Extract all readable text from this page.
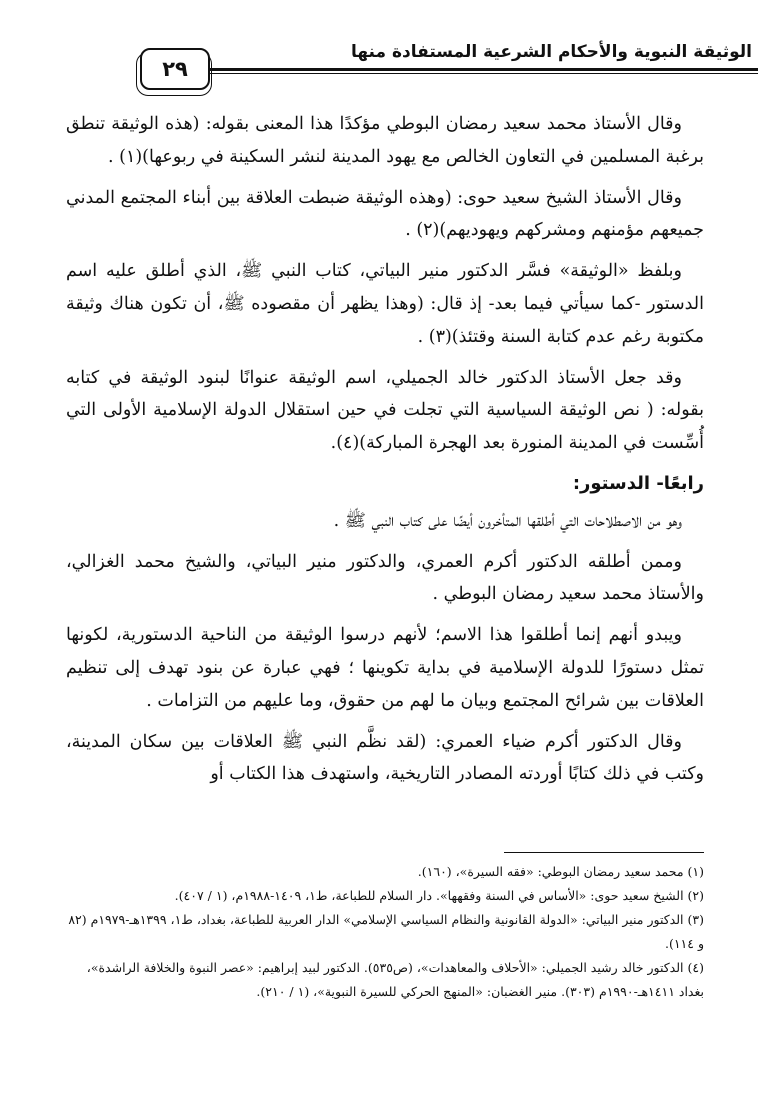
الوثيقة النبوية والأحكام الشرعية المستفادة منها
٢٩

وقال الأستاذ محمد سعيد رمضان البوطي مؤكدًا هذا المعنى بقوله: (هذه الوثيقة تنطق برغبة المسلمين في التعاون الخالص مع يهود المدينة لنشر السكينة في ربوعها)(١) .

وقال الأستاذ الشيخ سعيد حوى: (وهذه الوثيقة ضبطت العلاقة بين أبناء المجتمع المدني جميعهم مؤمنهم ومشركهم ويهوديهم)(٢) .

وبلفظ «الوثيقة» فسَّر الدكتور منير البياتي، كتاب النبي ﷺ، الذي أطلق عليه اسم الدستور -كما سيأتي فيما بعد- إذ قال: (وهذا يظهر أن مقصوده ﷺ، أن تكون هناك وثيقة مكتوبة رغم عدم كتابة السنة وقتئذ)(٣) .

وقد جعل الأستاذ الدكتور خالد الجميلي، اسم الوثيقة عنوانًا لبنود الوثيقة في كتابه بقوله: ( نص الوثيقة السياسية التي تجلت في حين استقلال الدولة الإسلامية الأولى التي أُسِّست في المدينة المنورة بعد الهجرة المباركة)(٤).

رابعًا- الدستور:

وهو من الاصطلاحات التي أطلقها المتأخرون أيضًا على كتاب النبي ﷺ .

وممن أطلقه الدكتور أكرم العمري، والدكتور منير البياتي، والشيخ محمد الغزالي، والأستاذ محمد سعيد رمضان البوطي .

ويبدو أنهم إنما أطلقوا هذا الاسم؛ لأنهم درسوا الوثيقة من الناحية الدستورية، لكونها تمثل دستورًا للدولة الإسلامية في بداية تكوينها ؛ فهي عبارة عن بنود تهدف إلى تنظيم العلاقات بين شرائح المجتمع وبيان ما لهم من حقوق، وما عليهم من التزامات .

وقال الدكتور أكرم ضياء العمري: (لقد نظَّم النبي ﷺ العلاقات بين سكان المدينة، وكتب في ذلك كتابًا أوردته المصادر التاريخية، واستهدف هذا الكتاب أو

(١) محمد سعيد رمضان البوطي: «فقه السيرة»، (١٦٠).

(٢) الشيخ سعيد حوى: «الأساس في السنة وفقهها». دار السلام للطباعة، ط١، ١٤٠٩-١٩٨٨م، (١ / ٤٠٧).

(٣) الدكتور منير البياتي: «الدولة القانونية والنظام السياسي الإسلامي» الدار العربية للطباعة، بغداد، ط١، ١٣٩٩هـ-١٩٧٩م (٨٢ و ١١٤).

(٤) الدكتور خالد رشيد الجميلي: «الأحلاف والمعاهدات»، (ص٥٣٥). الدكتور لبيد إبراهيم: «عصر النبوة والخلافة الراشدة»، بغداد ١٤١١هـ-١٩٩٠م (٣٠٣). منير الغضبان: «المنهج الحركي للسيرة النبوية»، (١ / ٢١٠).
